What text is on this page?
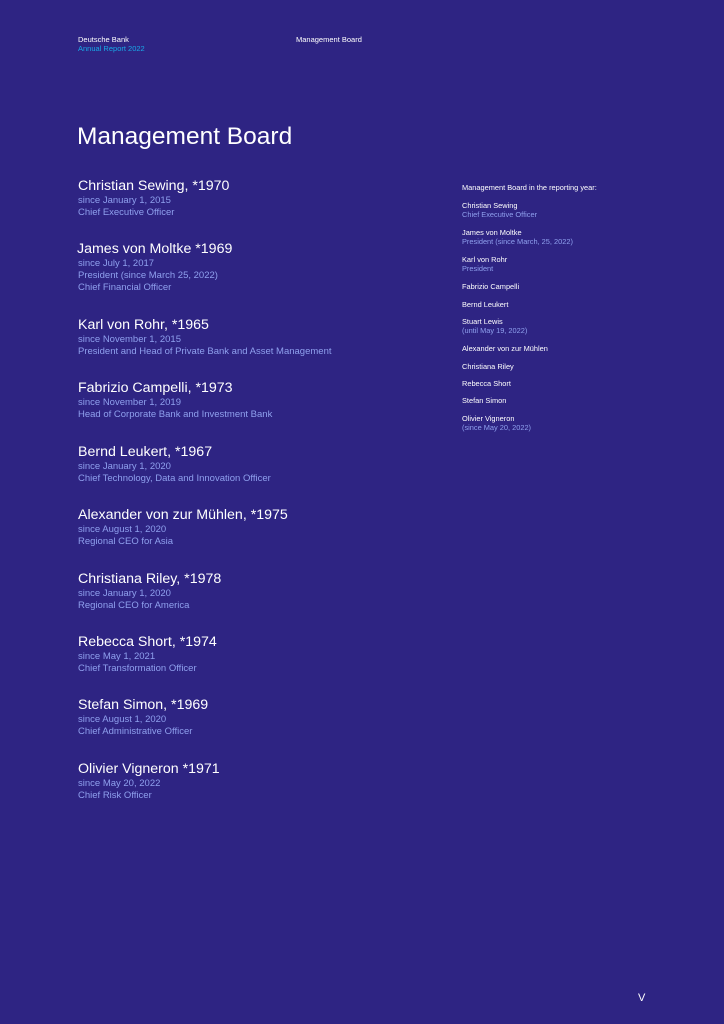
Deutsche Bank
Annual Report 2022
Management Board
Management Board
Christian Sewing, *1970
since January 1, 2015
Chief Executive Officer
James von Moltke *1969
since July 1, 2017
President (since March 25, 2022)
Chief Financial Officer
Karl von Rohr, *1965
since November 1, 2015
President and Head of Private Bank and Asset Management
Fabrizio Campelli, *1973
since November 1, 2019
Head of Corporate Bank and Investment Bank
Bernd Leukert, *1967
since January 1, 2020
Chief Technology, Data and Innovation Officer
Alexander von zur Mühlen, *1975
since August 1, 2020
Regional CEO for Asia
Christiana Riley, *1978
since January 1, 2020
Regional CEO for America
Rebecca Short, *1974
since May 1, 2021
Chief Transformation Officer
Stefan Simon, *1969
since August 1, 2020
Chief Administrative Officer
Olivier Vigneron *1971
since May 20, 2022
Chief Risk Officer
Management Board in the reporting year:
Christian Sewing
Chief Executive Officer
James von Moltke
President (since March, 25, 2022)
Karl von Rohr
President
Fabrizio Campelli
Bernd Leukert
Stuart Lewis
(until May 19, 2022)
Alexander von zur Mühlen
Christiana Riley
Rebecca Short
Stefan Simon
Olivier Vigneron
(since May 20, 2022)
V
